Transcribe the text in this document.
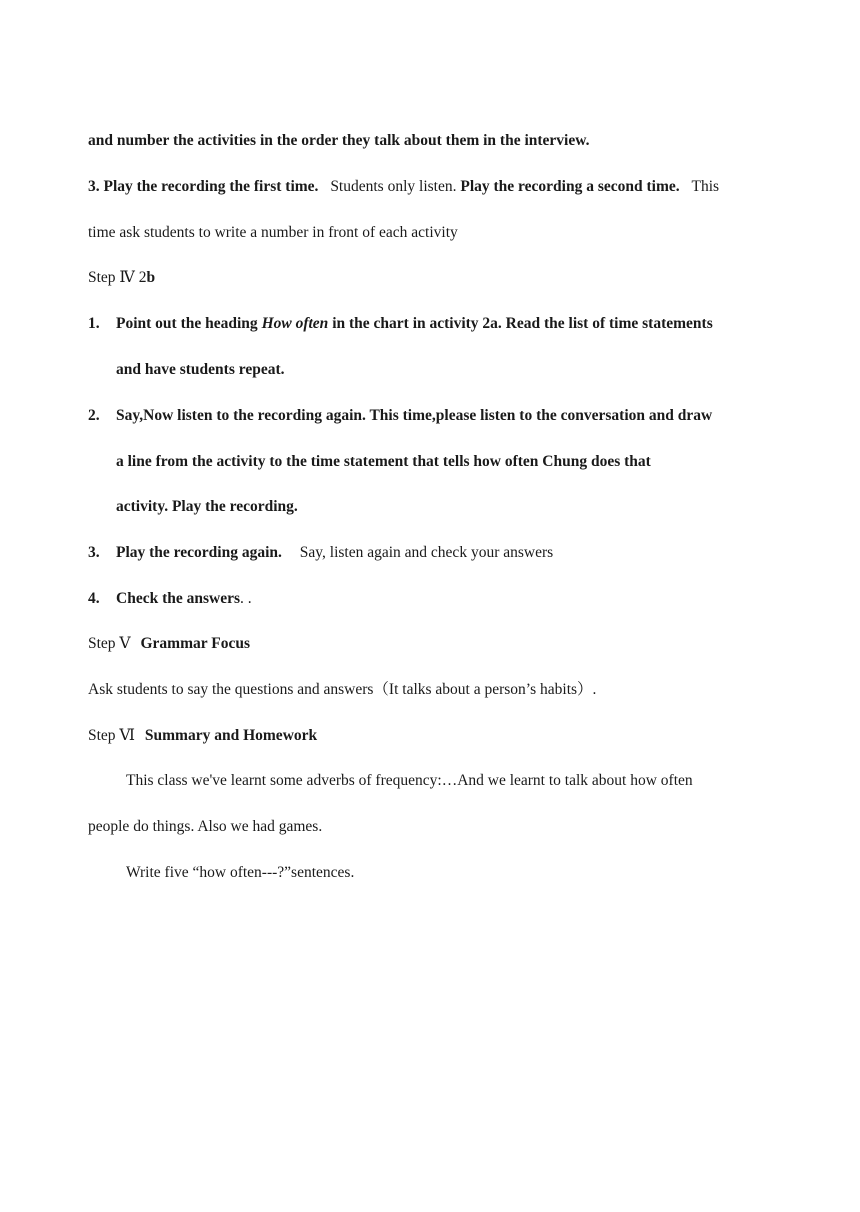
and number the activities in the order they talk about them in the interview.
3. Play the recording the first time. Students only listen. Play the recording a second time. This
time ask students to write a number in front of each activity
Step Ⅳ 2b
1. Point out the heading How often in the chart in activity 2a. Read the list of time statements
and have students repeat.
2. Say,Now listen to the recording again. This time,please listen to the conversation and draw
a line from the activity to the time statement that tells how often Chung does that
activity. Play the recording.
3. Play the recording again. Say, listen again and check your answers
4. Check the answers. .
Step Ⅴ Grammar Focus
Ask students to say the questions and answers（It talks about a person’s habits）.
Step Ⅵ Summary and Homework
This class we've learnt some adverbs of frequency:…And we learnt to talk about how often
people do things. Also we had games.
Write five “how often---?”sentences.
